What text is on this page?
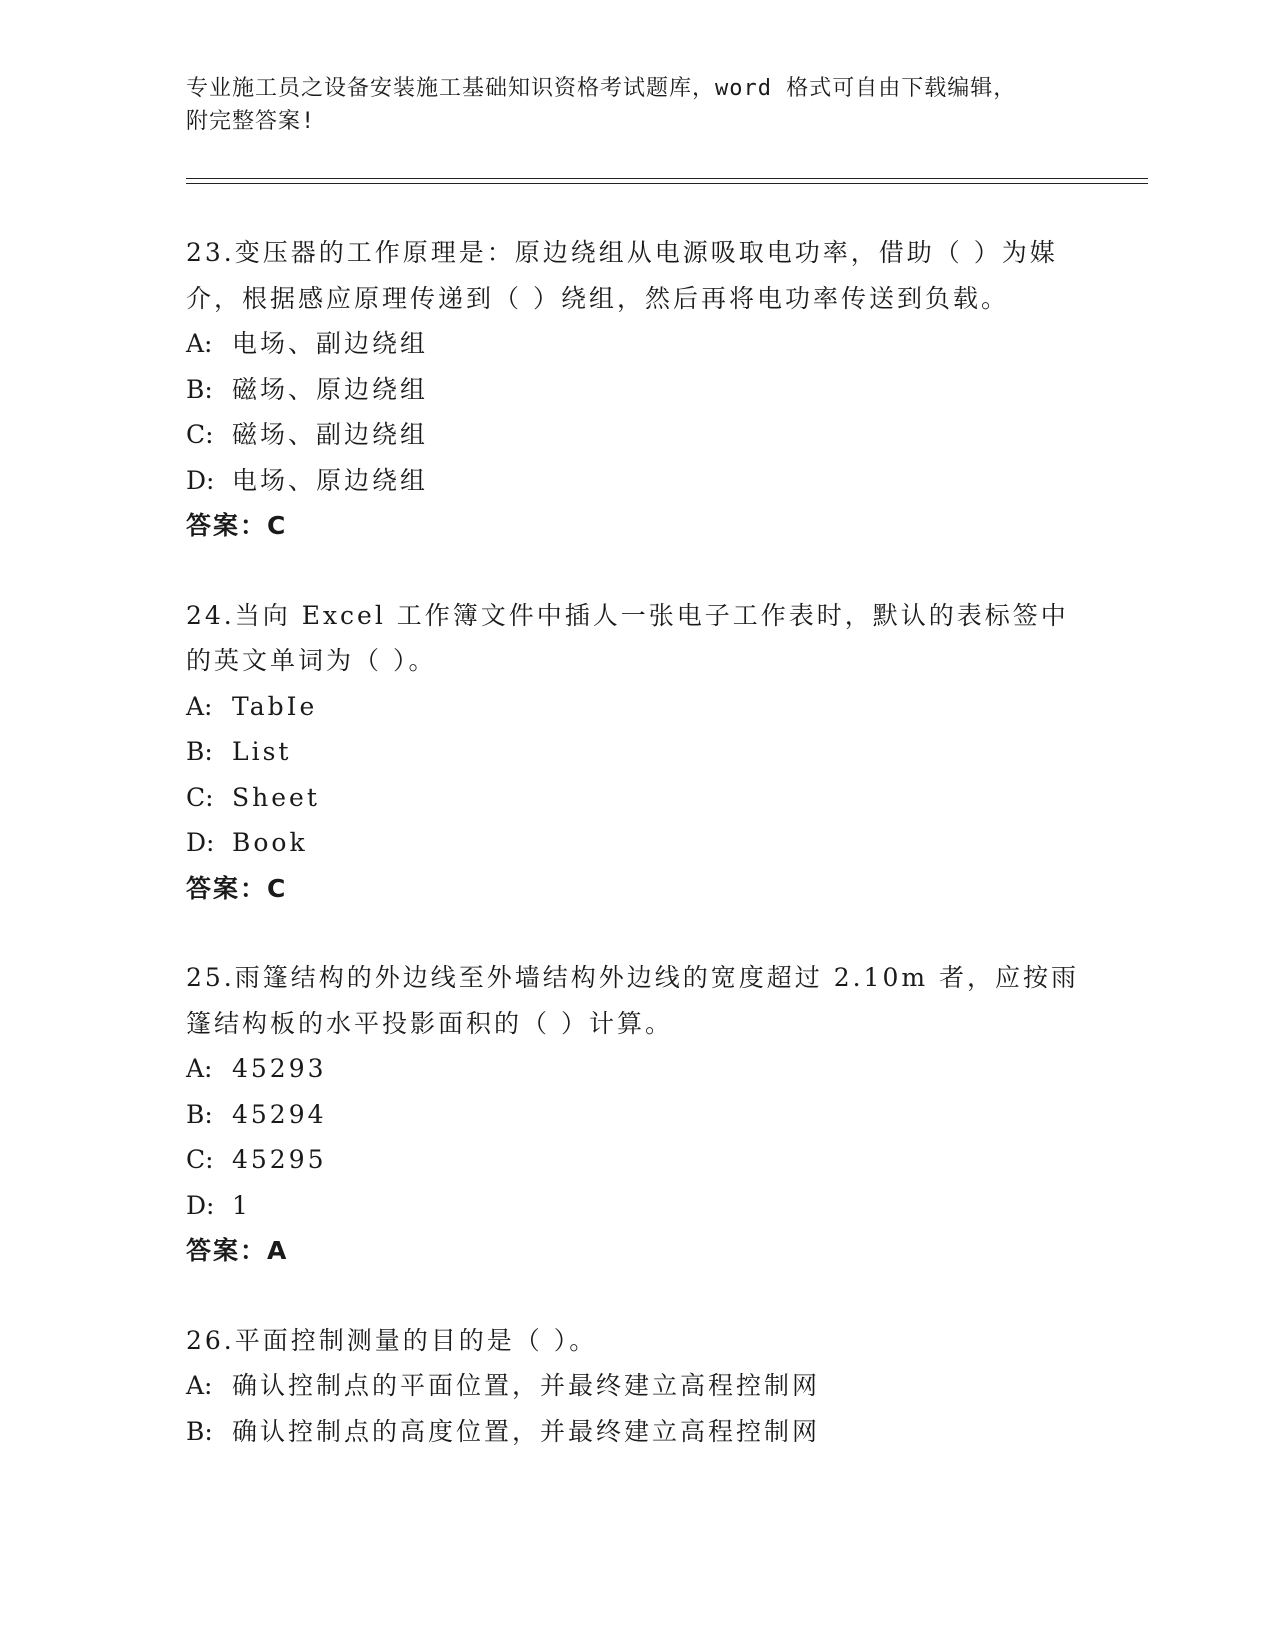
专业施工员之设备安装施工基础知识资格考试题库，word 格式可自由下载编辑，
附完整答案!
23.变压器的工作原理是：原边绕组从电源吸取电功率，借助（ ）为媒介，根据感应原理传递到（ ）绕组，然后再将电功率传送到负载。
A: 电场、副边绕组
B: 磁场、原边绕组
C: 磁场、副边绕组
D: 电场、原边绕组
答案：C
24.当向 Excel 工作簿文件中插人一张电子工作表时，默认的表标签中的英文单词为（ ）。
A: TabIe
B: List
C: Sheet
D: Book
答案：C
25.雨篷结构的外边线至外墙结构外边线的宽度超过 2.10m 者，应按雨篷结构板的水平投影面积的（ ）计算。
A: 45293
B: 45294
C: 45295
D: 1
答案：A
26.平面控制测量的目的是（ ）。
A: 确认控制点的平面位置，并最终建立高程控制网
B: 确认控制点的高度位置，并最终建立高程控制网
